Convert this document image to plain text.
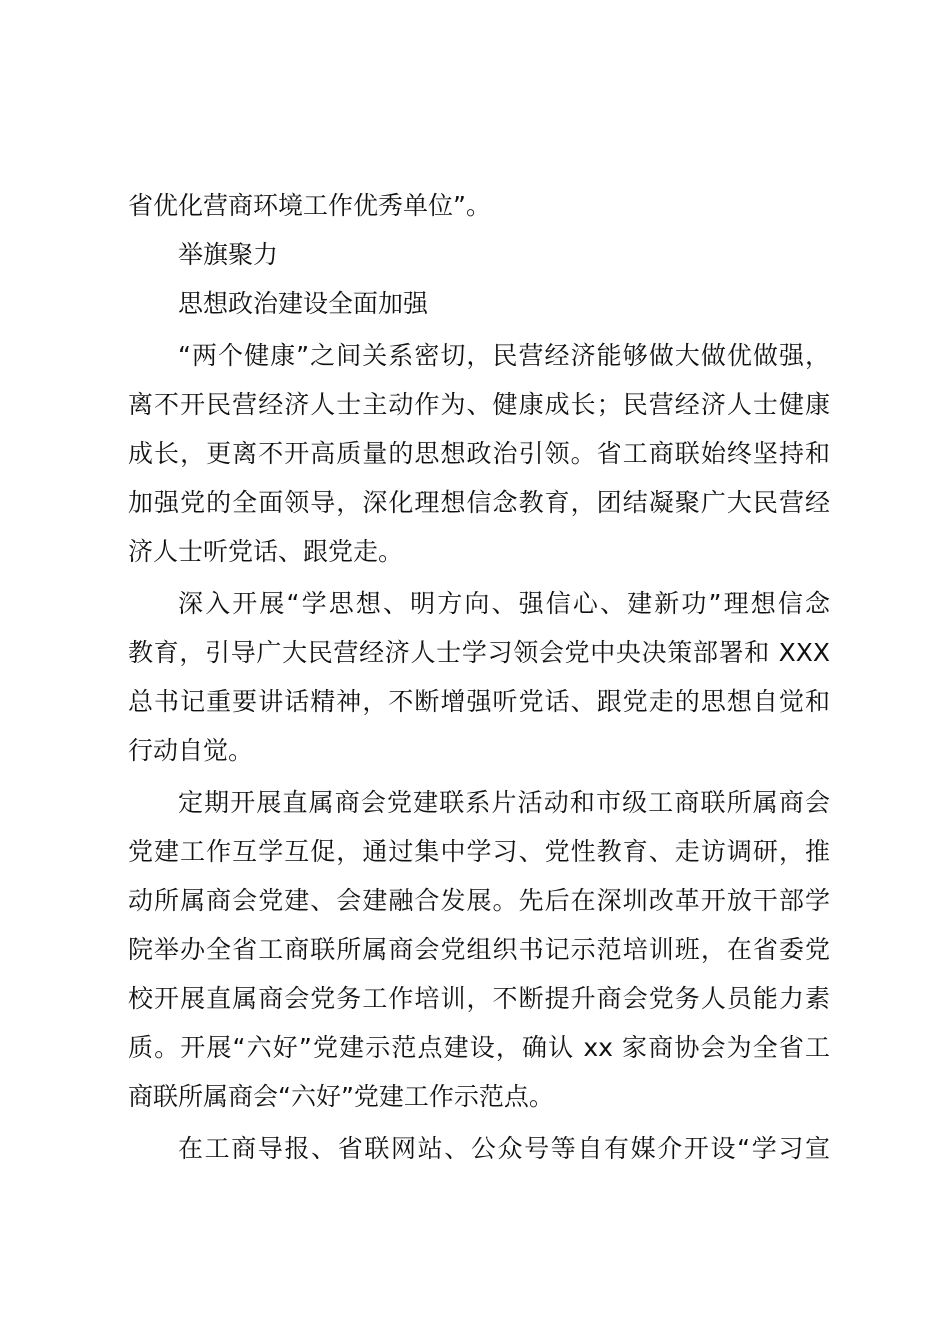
省优化营商环境工作优秀单位”。
举旗聚力
思想政治建设全面加强
“两个健康”之间关系密切，民营经济能够做大做优做强，
离不开民营经济人士主动作为、健康成长；民营经济人士健康
成长，更离不开高质量的思想政治引领。省工商联始终坚持和
加强党的全面领导，深化理想信念教育，团结凝聚广大民营经
济人士听党话、跟党走。
深入开展“学思想、明方向、强信心、建新功”理想信念
教育，引导广大民营经济人士学习领会党中央决策部署和 XXX
总书记重要讲话精神，不断增强听党话、跟党走的思想自觉和
行动自觉。
定期开展直属商会党建联系片活动和市级工商联所属商会
党建工作互学互促，通过集中学习、党性教育、走访调研，推
动所属商会党建、会建融合发展。先后在深圳改革开放干部学
院举办全省工商联所属商会党组织书记示范培训班，在省委党
校开展直属商会党务工作培训，不断提升商会党务人员能力素
质。开展“六好”党建示范点建设，确认 xx 家商协会为全省工
商联所属商会“六好”党建工作示范点。
在工商导报、省联网站、公众号等自有媒介开设“学习宣
